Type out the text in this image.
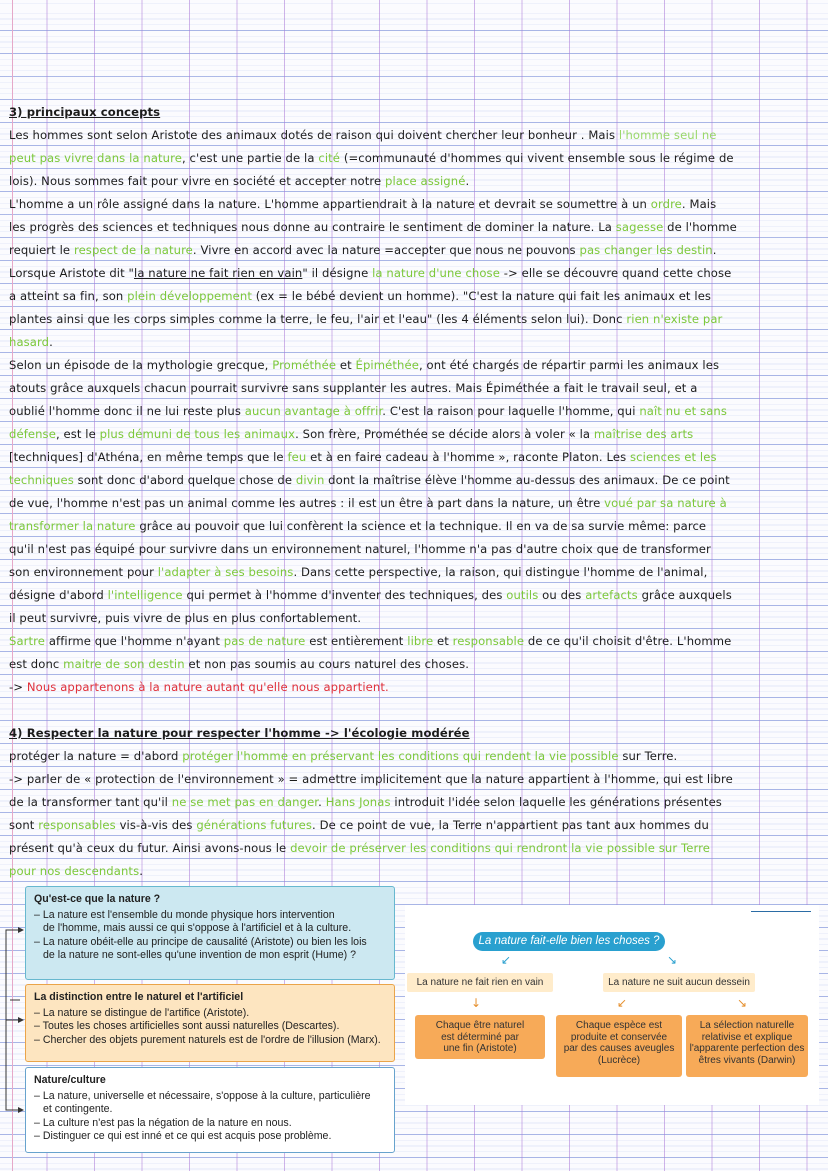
3) principaux concepts
Les hommes sont selon Aristote des animaux dotés de raison qui doivent chercher leur bonheur . Mais l'homme seul ne
peut pas vivre dans la nature, c'est une partie de la cité (=communauté d'hommes qui vivent ensemble sous le régime de
lois). Nous sommes fait pour vivre en société et accepter notre place assigné.
L'homme a un rôle assigné dans la nature. L'homme appartiendrait à la nature et devrait se soumettre à un ordre. Mais
les progrès des sciences et techniques nous donne au contraire le sentiment de dominer la nature. La sagesse de l'homme
requiert le respect de la nature. Vivre en accord avec la nature =accepter que nous ne pouvons pas changer les destin.
Lorsque Aristote dit "la nature ne fait rien en vain" il désigne la nature d'une chose -> elle se découvre quand cette chose
a atteint sa fin, son plein développement (ex = le bébé devient un homme). "C'est la nature qui fait les animaux et les
plantes ainsi que les corps simples comme la terre, le feu, l'air et l'eau" (les 4 éléments selon lui). Donc rien n'existe par
hasard.
Selon un épisode de la mythologie grecque, Prométhée et Épiméthée, ont été chargés de répartir parmi les animaux les
atouts grâce auxquels chacun pourrait survivre sans supplanter les autres. Mais Épiméthée a fait le travail seul, et a
oublié l'homme donc il ne lui reste plus aucun avantage à offrir. C'est la raison pour laquelle l'homme, qui naît nu et sans
défense, est le plus démuni de tous les animaux. Son frère, Prométhée se décide alors à voler « la maîtrise des arts
[techniques] d'Athéna, en même temps que le feu et à en faire cadeau à l'homme », raconte Platon. Les sciences et les
techniques sont donc d'abord quelque chose de divin dont la maîtrise élève l'homme au-dessus des animaux. De ce point
de vue, l'homme n'est pas un animal comme les autres : il est un être à part dans la nature, un être voué par sa nature à
transformer la nature grâce au pouvoir que lui confèrent la science et la technique. Il en va de sa survie même: parce
qu'il n'est pas équipé pour survivre dans un environnement naturel, l'homme n'a pas d'autre choix que de transformer
son environnement pour l'adapter à ses besoins. Dans cette perspective, la raison, qui distingue l'homme de l'animal,
désigne d'abord l'intelligence qui permet à l'homme d'inventer des techniques, des outils ou des artefacts grâce auxquels
il peut survivre, puis vivre de plus en plus confortablement.
Sartre affirme que l'homme n'ayant pas de nature est entièrement libre et responsable de ce qu'il choisit d'être. L'homme
est donc maitre de son destin et non pas soumis au cours naturel des choses.
-> Nous appartenons à la nature autant qu'elle nous appartient.
4) Respecter la nature pour respecter l'homme -> l'écologie modérée
protéger la nature = d'abord protéger l'homme en préservant les conditions qui rendent la vie possible sur Terre.
-> parler de « protection de l'environnement » = admettre implicitement que la nature appartient à l'homme, qui est libre
de la transformer tant qu'il ne se met pas en danger. Hans Jonas introduit l'idée selon laquelle les générations présentes
sont responsables vis-à-vis des générations futures. De ce point de vue, la Terre n'appartient pas tant aux hommes du
présent qu'à ceux du futur. Ainsi avons-nous le devoir de préserver les conditions qui rendront la vie possible sur Terre
pour nos descendants.
Qu'est-ce que la nature ?
– La nature est l'ensemble du monde physique hors intervention
de l'homme, mais aussi ce qui s'oppose à l'artificiel et à la culture.
– La nature obéit-elle au principe de causalité (Aristote) ou bien les lois
de la nature ne sont-elles qu'une invention de mon esprit (Hume) ?
La distinction entre le naturel et l'artificiel
– La nature se distingue de l'artifice (Aristote).
– Toutes les choses artificielles sont aussi naturelles (Descartes).
– Chercher des objets purement naturels est de l'ordre de l'illusion (Marx).
Nature/culture
– La nature, universelle et nécessaire, s'oppose à la culture, particulière
et contingente.
– La culture n'est pas la négation de la nature en nous.
– Distinguer ce qui est inné et ce qui est acquis pose problème.
La nature fait-elle bien les choses ?
↙	↘
La nature ne fait rien en vain	La nature ne suit aucun dessein
↓	↙	↘
Chaque être naturel
est déterminé par
une fin (Aristote)
Chaque espèce est
produite et conservée
par des causes aveugles
(Lucrèce)
La sélection naturelle
relativise et explique
l'apparente perfection des
êtres vivants (Darwin)
